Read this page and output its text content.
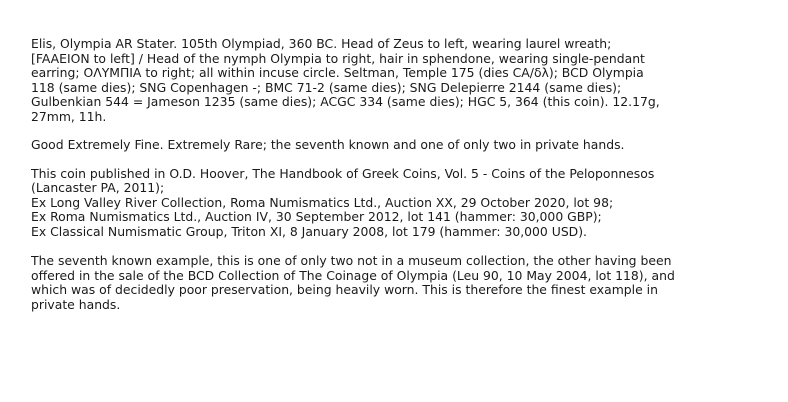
Elis, Olympia AR Stater. 105th Olympiad, 360 BC. Head of Zeus to left, wearing laurel wreath;
[FAAEION to left] / Head of the nymph Olympia to right, hair in sphendone, wearing single-pendant
earring; ΟΛΥΜΠΙΑ to right; all within incuse circle. Seltman, Temple 175 (dies CA/δλ); BCD Olympia
118 (same dies); SNG Copenhagen -; BMC 71-2 (same dies); SNG Delepierre 2144 (same dies);
Gulbenkian 544 = Jameson 1235 (same dies); ACGC 334 (same dies); HGC 5, 364 (this coin). 12.17g,
27mm, 11h.

Good Extremely Fine. Extremely Rare; the seventh known and one of only two in private hands.

This coin published in O.D. Hoover, The Handbook of Greek Coins, Vol. 5 - Coins of the Peloponnesos
(Lancaster PA, 2011);
Ex Long Valley River Collection, Roma Numismatics Ltd., Auction XX, 29 October 2020, lot 98;
Ex Roma Numismatics Ltd., Auction IV, 30 September 2012, lot 141 (hammer: 30,000 GBP);
Ex Classical Numismatic Group, Triton XI, 8 January 2008, lot 179 (hammer: 30,000 USD).

The seventh known example, this is one of only two not in a museum collection, the other having been
offered in the sale of the BCD Collection of The Coinage of Olympia (Leu 90, 10 May 2004, lot 118), and
which was of decidedly poor preservation, being heavily worn. This is therefore the finest example in
private hands.
